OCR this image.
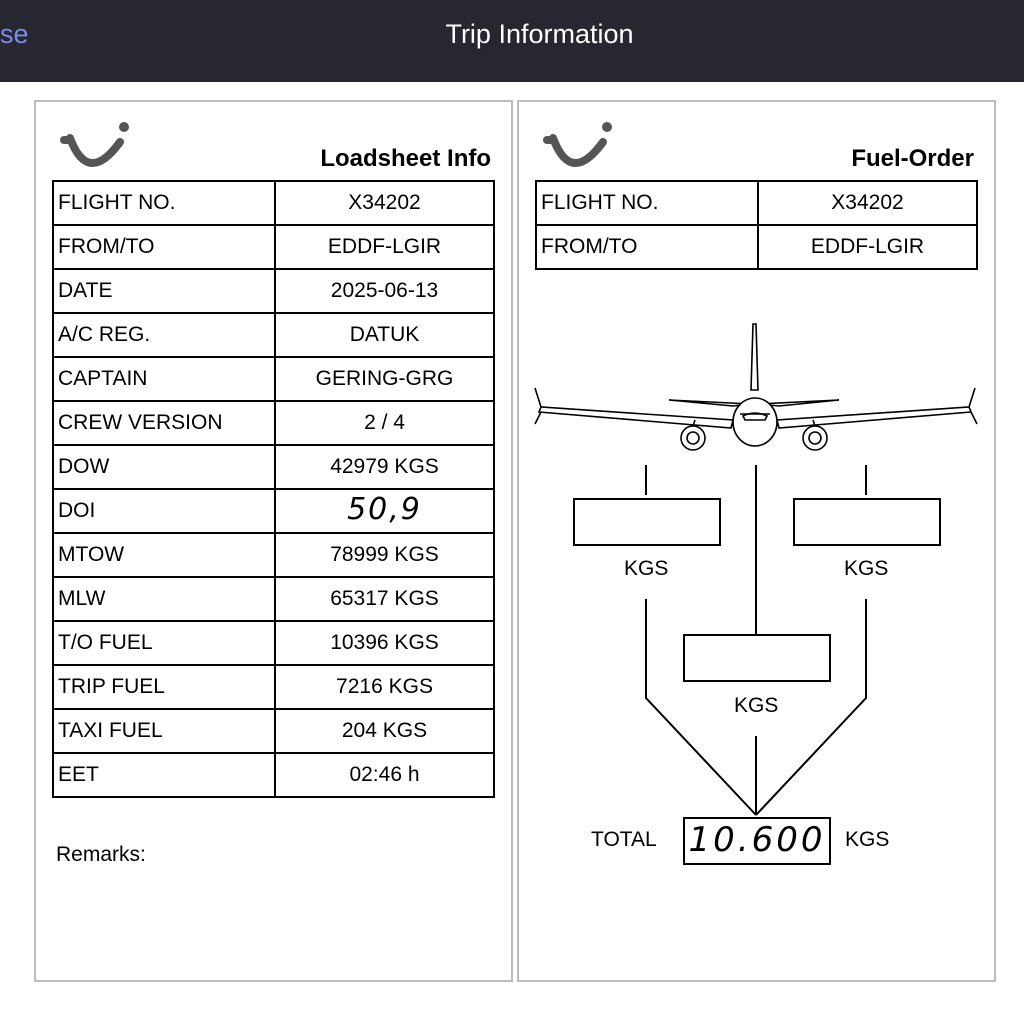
se	Trip Information
Loadsheet Info
FLIGHT NO.	X34202
FROM/TO	EDDF-LGIR
DATE	2025-06-13
A/C REG.	DATUK
CAPTAIN	GERING-GRG
CREW VERSION	2 / 4
DOW	42979 KGS
DOI	50,9
MTOW	78999 KGS
MLW	65317 KGS
T/O FUEL	10396 KGS
TRIP FUEL	7216 KGS
TAXI FUEL	204 KGS
EET	02:46 h
Remarks:
Fuel-Order
FLIGHT NO.	X34202
FROM/TO	EDDF-LGIR
KGS	KGS
KGS
TOTAL 10.600 KGS
